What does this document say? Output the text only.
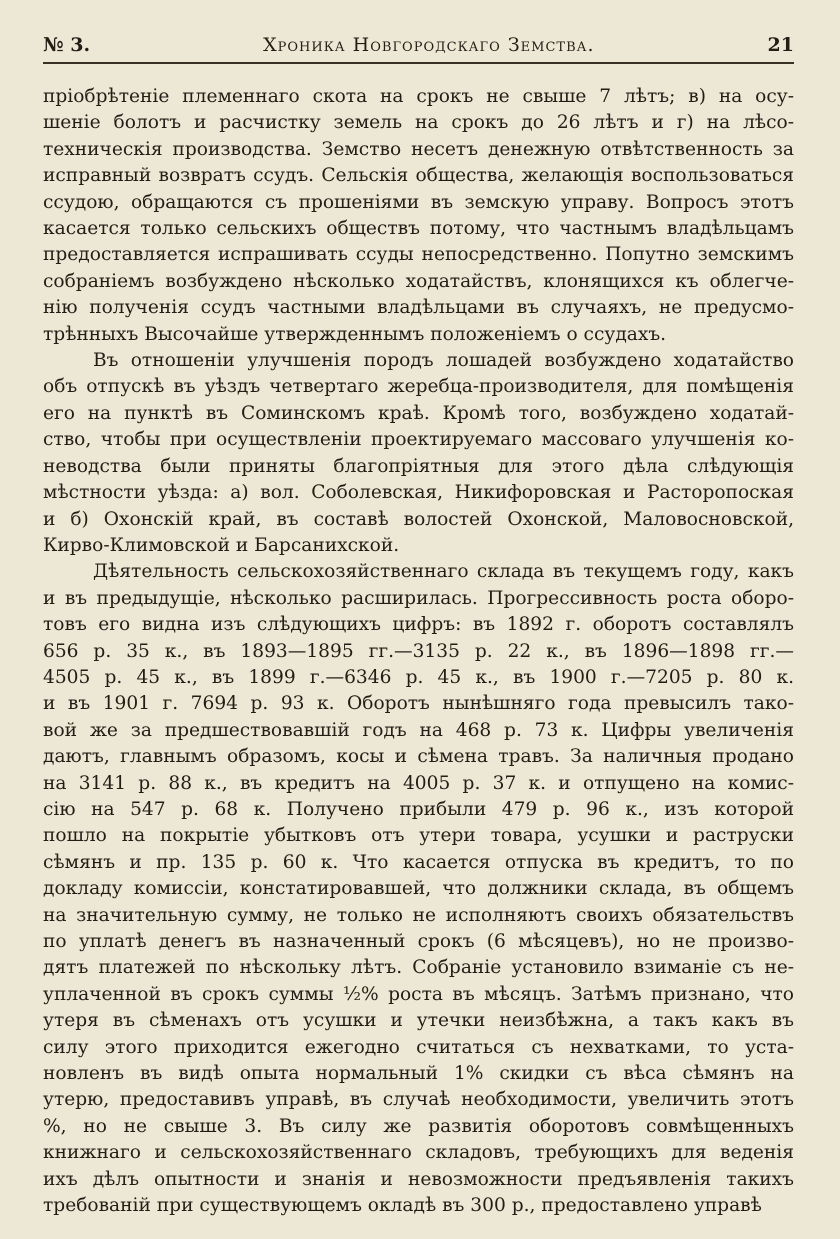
№ 3.	Хроника Новгородскаго Земства.	21
пріобрѣтеніе племеннаго скота на срокъ не свыше 7 лѣтъ; в) на осу-
шеніе болотъ и расчистку земель на срокъ до 26 лѣтъ и г) на лѣсо-
техническія производства. Земство несетъ денежную отвѣтственность за
исправный возвратъ ссудъ. Сельскія общества, желающія воспользоваться
ссудою, обращаются съ прошеніями въ земскую управу. Вопросъ этотъ
касается только сельскихъ обществъ потому, что частнымъ владѣльцамъ
предоставляется испрашивать ссуды непосредственно. Попутно земскимъ
собраніемъ возбуждено нѣсколько ходатайствъ, клонящихся къ облегче-
нію полученія ссудъ частными владѣльцами въ случаяхъ, не предусмо-
трѣнныхъ Высочайше утвержденнымъ положеніемъ о ссудахъ.
Въ отношеніи улучшенія породъ лошадей возбуждено ходатайство
объ отпускѣ въ уѣздъ четвертаго жеребца-производителя, для помѣщенія
его на пунктѣ въ Соминскомъ краѣ. Кромѣ того, возбуждено ходатай-
ство, чтобы при осуществленіи проектируемаго массоваго улучшенія ко-
неводства были приняты благопріятныя для этого дѣла слѣдующія
мѣстности уѣзда: а) вол. Соболевская, Никифоровская и Расторопоская
и б) Охонскій край, въ составѣ волостей Охонской, Маловосновской,
Кирво-Климовской и Барсанихской.
Дѣятельность сельскохозяйственнаго склада въ текущемъ году, какъ
и въ предыдущіе, нѣсколько расширилась. Прогрессивность роста оборо-
товъ его видна изъ слѣдующихъ цифръ: въ 1892 г. оборотъ составлялъ
656 р. 35 к., въ 1893—1895 гг.—3135 р. 22 к., въ 1896—1898 гг.—
4505 р. 45 к., въ 1899 г.—6346 р. 45 к., въ 1900 г.—7205 р. 80 к.
и въ 1901 г. 7694 р. 93 к. Оборотъ нынѣшняго года превысилъ тако-
вой же за предшествовавшій годъ на 468 р. 73 к. Цифры увеличенія
даютъ, главнымъ образомъ, косы и сѣмена травъ. За наличныя продано
на 3141 р. 88 к., въ кредитъ на 4005 р. 37 к. и отпущено на комис-
сію на 547 р. 68 к. Получено прибыли 479 р. 96 к., изъ которой
пошло на покрытіе убытковъ отъ утери товара, усушки и раструски
сѣмянъ и пр. 135 р. 60 к. Что касается отпуска въ кредитъ, то по
докладу комиссіи, констатировавшей, что должники склада, въ общемъ
на значительную сумму, не только не исполняютъ своихъ обязательствъ
по уплатѣ денегъ въ назначенный срокъ (6 мѣсяцевъ), но не произво-
дятъ платежей по нѣскольку лѣтъ. Собраніе установило взиманіе съ не-
уплаченной въ срокъ суммы ½% роста въ мѣсяцъ. Затѣмъ признано, что
утеря въ сѣменахъ отъ усушки и утечки неизбѣжна, а такъ какъ въ
силу этого приходится ежегодно считаться съ нехватками, то уста-
новленъ въ видѣ опыта нормальный 1% скидки съ вѣса сѣмянъ на
утерю, предоставивъ управѣ, въ случаѣ необходимости, увеличить этотъ
%, но не свыше 3. Въ силу же развитія оборотовъ совмѣщенныхъ
книжнаго и сельскохозяйственнаго складовъ, требующихъ для веденія
ихъ дѣлъ опытности и знанія и невозможности предъявленія такихъ
требованій при существующемъ окладѣ въ 300 р., предоставлено управѣ
